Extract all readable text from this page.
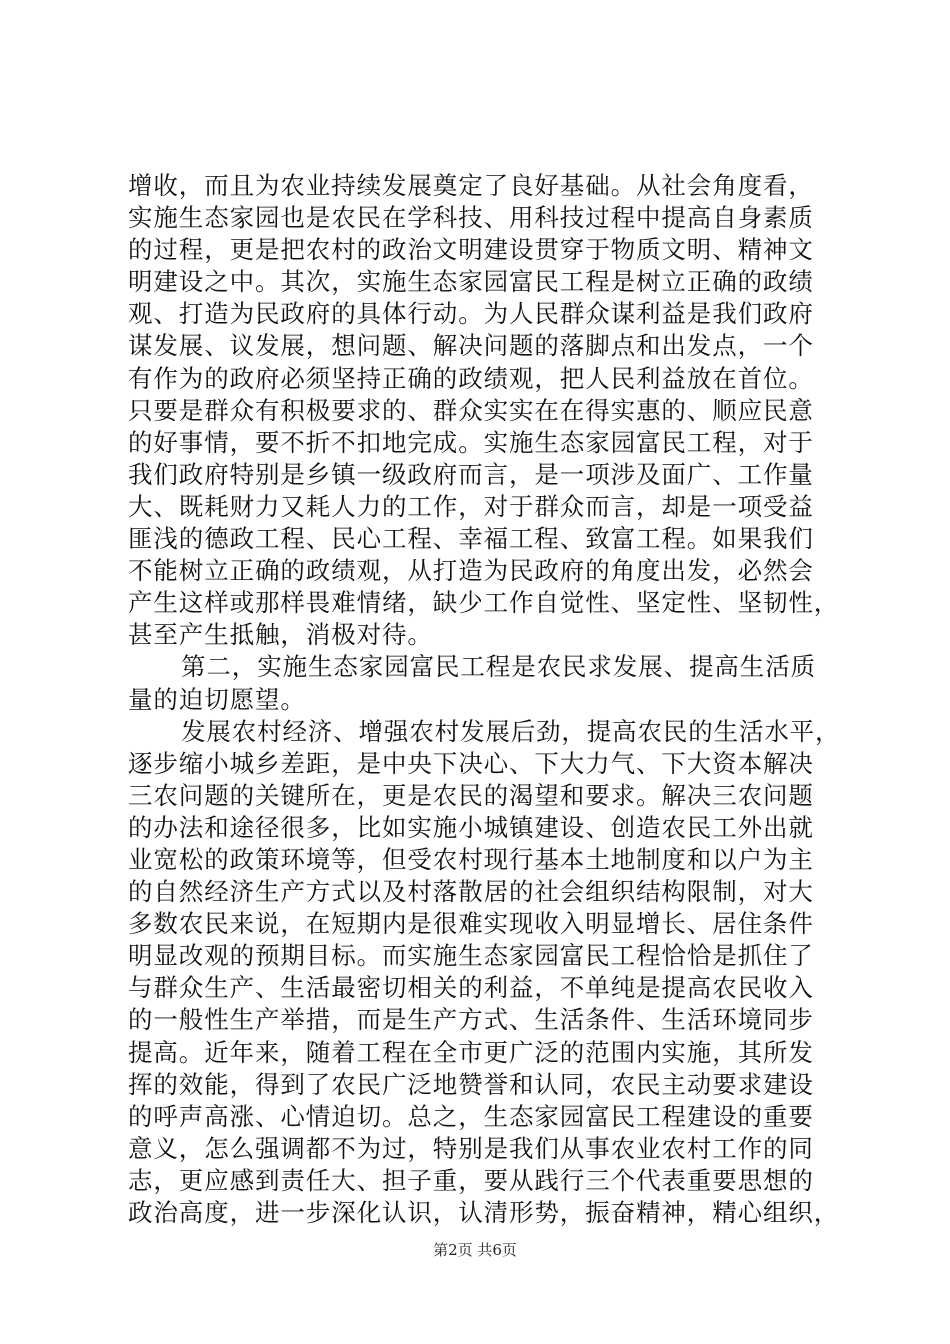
增收，而且为农业持续发展奠定了良好基础。从社会角度看，
实施生态家园也是农民在学科技、用科技过程中提高自身素质
的过程，更是把农村的政治文明建设贯穿于物质文明、精神文
明建设之中。其次，实施生态家园富民工程是树立正确的政绩
观、打造为民政府的具体行动。为人民群众谋利益是我们政府
谋发展、议发展，想问题、解决问题的落脚点和出发点，一个
有作为的政府必须坚持正确的政绩观，把人民利益放在首位。
只要是群众有积极要求的、群众实实在在得实惠的、顺应民意
的好事情，要不折不扣地完成。实施生态家园富民工程，对于
我们政府特别是乡镇一级政府而言，是一项涉及面广、工作量
大、既耗财力又耗人力的工作，对于群众而言，却是一项受益
匪浅的德政工程、民心工程、幸福工程、致富工程。如果我们
不能树立正确的政绩观，从打造为民政府的角度出发，必然会
产生这样或那样畏难情绪，缺少工作自觉性、坚定性、坚韧性，
甚至产生抵触，消极对待。
第二，实施生态家园富民工程是农民求发展、提高生活质
量的迫切愿望。
发展农村经济、增强农村发展后劲，提高农民的生活水平，
逐步缩小城乡差距，是中央下决心、下大力气、下大资本解决
三农问题的关键所在，更是农民的渴望和要求。解决三农问题
的办法和途径很多，比如实施小城镇建设、创造农民工外出就
业宽松的政策环境等，但受农村现行基本土地制度和以户为主
的自然经济生产方式以及村落散居的社会组织结构限制，对大
多数农民来说，在短期内是很难实现收入明显增长、居住条件
明显改观的预期目标。而实施生态家园富民工程恰恰是抓住了
与群众生产、生活最密切相关的利益，不单纯是提高农民收入
的一般性生产举措，而是生产方式、生活条件、生活环境同步
提高。近年来，随着工程在全市更广泛的范围内实施，其所发
挥的效能，得到了农民广泛地赞誉和认同，农民主动要求建设
的呼声高涨、心情迫切。总之，生态家园富民工程建设的重要
意义，怎么强调都不为过，特别是我们从事农业农村工作的同
志，更应感到责任大、担子重，要从践行三个代表重要思想的
政治高度，进一步深化认识，认清形势，振奋精神，精心组织，
第2页 共6页
